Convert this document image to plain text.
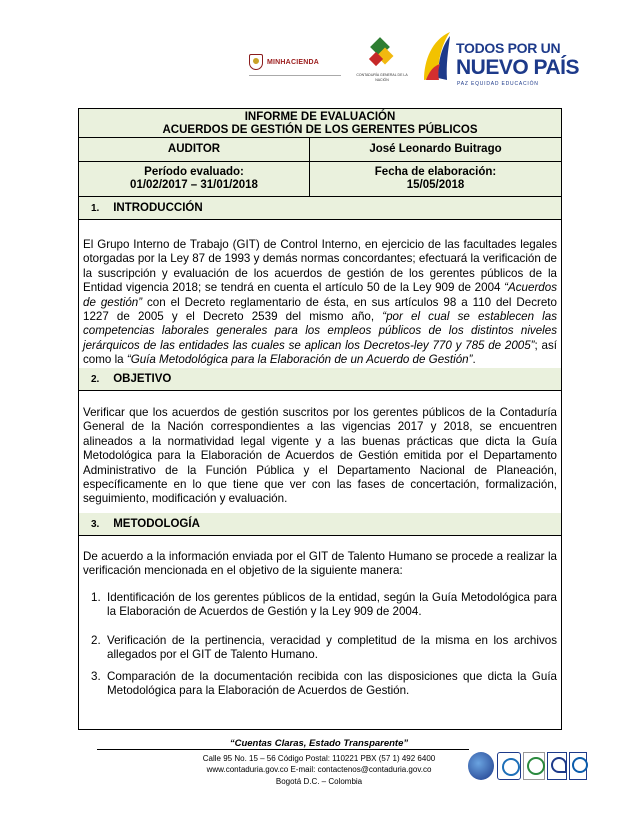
MINHACIENDA
CONTADURÍA GENERAL DE LA NACIÓN
TODOS POR UN
NUEVO PAÍS
PAZ EQUIDAD EDUCACIÓN
INFORME DE EVALUACIÓN
ACUERDOS DE GESTIÓN DE LOS GERENTES PÚBLICOS
AUDITOR	José Leonardo Buitrago
Período evaluado:
01/02/2017 – 31/01/2018
Fecha de elaboración:
15/05/2018
1. INTRODUCCIÓN
El Grupo Interno de Trabajo (GIT) de Control Interno, en ejercicio de las facultades legales otorgadas por la Ley 87 de 1993 y demás normas concordantes; efectuará la verificación de la suscripción y evaluación de los acuerdos de gestión de los gerentes públicos de la Entidad vigencia 2018; se tendrá en cuenta el artículo 50 de la Ley 909 de 2004 “Acuerdos de gestión” con el Decreto reglamentario de ésta, en sus artículos 98 a 110 del Decreto 1227 de 2005 y el Decreto 2539 del mismo año, “por el cual se establecen las competencias laborales generales para los empleos públicos de los distintos niveles jerárquicos de las entidades las cuales se aplican los Decretos-ley 770 y 785 de 2005”; así como la “Guía Metodológica para la Elaboración de un Acuerdo de Gestión”.
2. OBJETIVO
Verificar que los acuerdos de gestión suscritos por los gerentes públicos de la Contaduría General de la Nación correspondientes a las vigencias 2017 y 2018, se encuentren alineados a la normatividad legal vigente y a las buenas prácticas que dicta la Guía Metodológica para la Elaboración de Acuerdos de Gestión emitida por el Departamento Administrativo de la Función Pública y el Departamento Nacional de Planeación, específicamente en lo que tiene que ver con las fases de concertación, formalización, seguimiento, modificación y evaluación.
3. METODOLOGÍA
De acuerdo a la información enviada por el GIT de Talento Humano se procede a realizar la verificación mencionada en el objetivo de la siguiente manera:
1. Identificación de los gerentes públicos de la entidad, según la Guía Metodológica para la Elaboración de Acuerdos de Gestión y la Ley 909 de 2004.
2. Verificación de la pertinencia, veracidad y completitud de la misma en los archivos allegados por el GIT de Talento Humano.
3. Comparación de la documentación recibida con las disposiciones que dicta la Guía Metodológica para la Elaboración de Acuerdos de Gestión.
“Cuentas Claras, Estado Transparente”
Calle 95 No. 15 – 56 Código Postal: 110221 PBX (57 1) 492 6400
www.contaduria.gov.co E-mail: contactenos@contaduria.gov.co
Bogotá D.C. – Colombia
